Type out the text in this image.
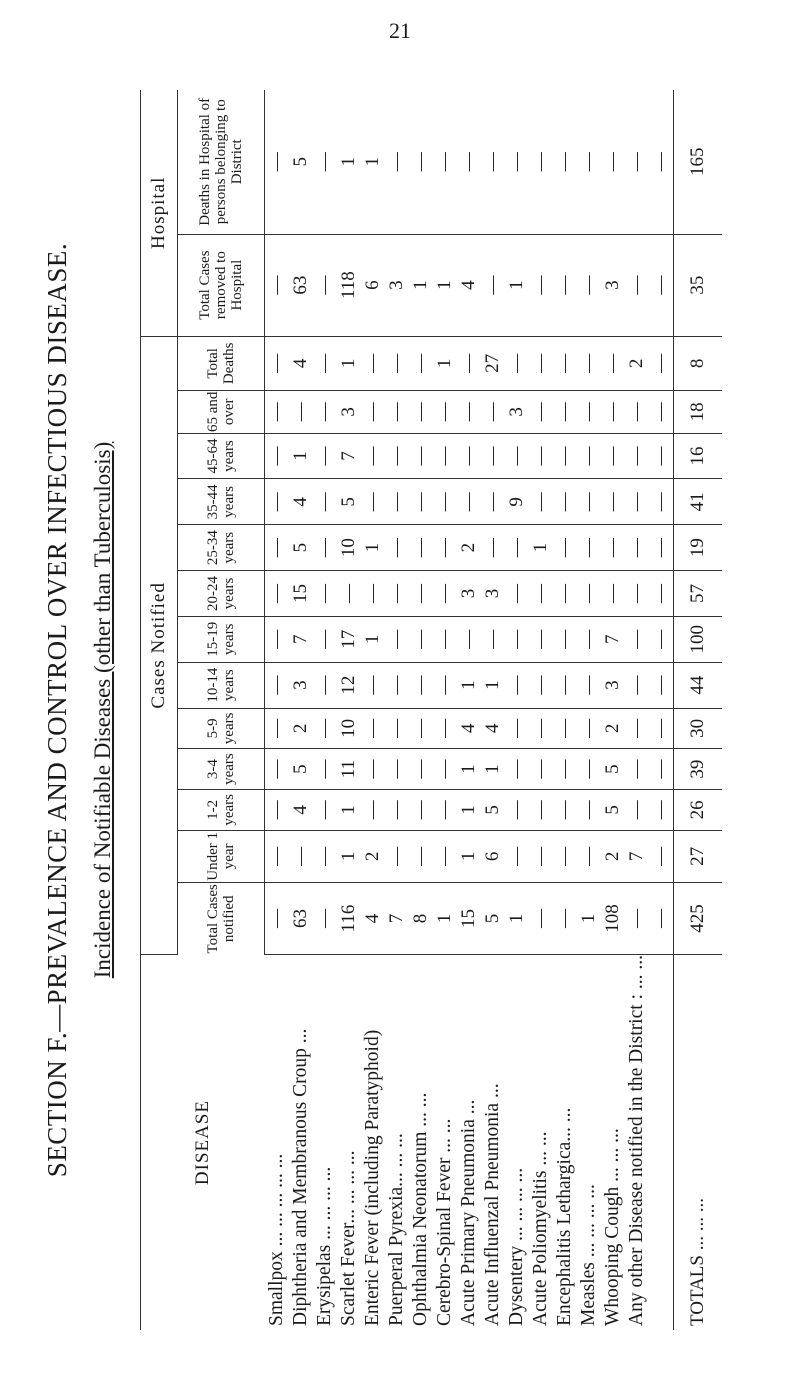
21
SECTION F.—PREVALENCE AND CONTROL OVER INFECTIOUS DISEASE. Incidence of Notifiable Diseases (other than Tuberculosis)
DISEASE	Cases Notified													Hospital	
	Total Cases notified	Under 1 year	1-2 years	3-4 years	5-9 years	10-14 years	15-19 years	20-24 years	25-34 years	35-44 years	45-64 years	65 and over	Total Deaths	Total Cases removed to Hospital	Deaths in Hospital of persons belonging to District
Smallpox ... ... ... ... ...	—	—	—	—	—	—	—	—	—	—	—	—	—	—	—
Diphtheria and Membranous Croup ...	63	—	4	5	2	3	7	15	5	4	1	—	4	63	5
Erysipelas ... ... ... ...	—	—	—	—	—	—	—	—	—	—	—	—	—	—	—
Scarlet Fever... ... ... ...	116	1	1	11	10	12	17	—	10	5	7	3	1	118	1
Enteric Fever (including Paratyphoid)	4	2	—	—	—	—	1	—	1	—	—	—	—	6	1
Puerperal Pyrexia... ... ...	7	—	—	—	—	—	—	—	—	—	—	—	—	3	—
Ophthalmia Neonatorum ... ...	8	—	—	—	—	—	—	—	—	—	—	—	—	1	—
Cerebro-Spinal Fever ... ...	1	—	—	—	—	—	—	—	—	—	—	—	1	1	—
Acute Primary Pneumonia ...	15	1	1	1	4	1	—	3	2	—	—	—	—	4	—
Acute Influenzal Pneumonia ...	5	6	5	1	4	1	—	3	—	—	—	—	27	—	—
Dysentery ... ... ... ...	1	—	—	—	—	—	—	—	—	9	—	3	—	1	—
Acute Poliomyelitis ... ...	—	—	—	—	—	—	—	—	1	—	—	—	—	—	—
Encephalitis Lethargica... ...	—	—	—	—	—	—	—	—	—	—	—	—	—	—	—
Measles ... ... ... ...	1	—	—	—	—	—	—	—	—	—	—	—	—	—	—
Whooping Cough ... ... ...	108	2	5	5	2	3	7	—	—	—	—	—	—	3	—
Any other Disease notified in the District : ... ...	—	7	—	—	—	—	—	—	—	—	—	—	2	—	—
	—	—	—	—	—	—	—	—	—	—	—	—	—	—	—
TOTALS ... ... ...	425	27	26	39	30	44	100	57	19	41	16	18	8	35	165
